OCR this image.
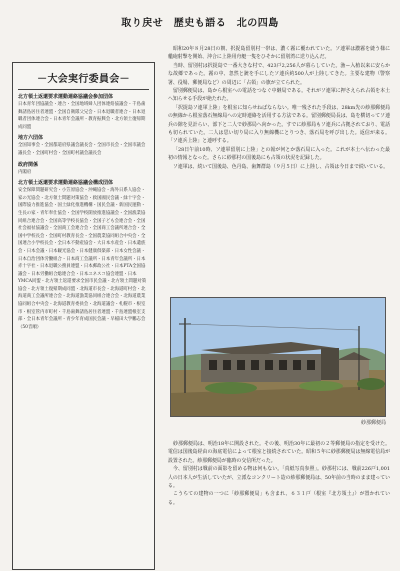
取り戻せ　歴史も語る　北の四島
－大会実行委員会－
北方領土返還要求運動連絡協議会参加団体
日本青年団協議会・連合・全国地域婦人団体連絡協議会・千島歯舞諸島居住者連盟・全国自衛隊父兄会・日本退職者連合・日本退職者団体連合会・日本青年会議所・教育振興会・北方領土復帰期成同盟
地方六団体
全国知事会・全国都道府県議会議長会・全国市長会・全国市議会議長会・全国町村会・全国町村議会議長会
政府関係
内閣府
北方領土返還要求運動連絡協議会構成団体
安全保障問題研究会・小笠原協会・沖縄協会・海外日系人協会・家の光協会・北方領土問題対策協会・救国國民会議・緑十字会・国際協力推進協会・国土緑化推進機構・国民会議・新国民運動・生長の家・青年奉仕協会・全国学校開放推進協議会・全国漁業協同組合連合会・全国高等学校長協会・全国子ども会連合会・全国社会福祉協議会・全国商工会連合会・全国商工会議所連合会・全国中学校長会・全国町村教育長会・全国農業協同組合中央会・全国連合小学校長会・全日本不動産協会・大日本水産会・日本遺族会・日本会議・日本観光協会・日本健康倶楽部・日本女性会議・日本自治団体労働組合・日本商工会議所・日本青年会議所・日本赤十字社・日本退職公務員連盟・日本郵政公社・日本PTA全国協議会・日本労働組合総連合会・日本ユネスコ協会連盟・日本YMCA同盟・北方領土返還要求全国市民会議・北方領土問題対策協会・北方領土復帰期成同盟・北海道市長会・北海道町村会・北海道商工会議所連合会・北海道漁業協同組合連合会・北海道農業協同組合中央会・北海道教育委員会・北海道議会・札幌市・根室市・根室管内市町村・千島歯舞諸島居住者連盟・千島連盟根室支部・全日本青年会議所・青少年育成国民会議・早稲田大学鵬志会（50音順）

昭和20年８月28日の朝、択捉島留別村一帯は、濃く霧に覆われていた。ソ連軍は濃霧を縫う様に艦砲射撃を開始、沖合に上陸用舟艇一隻をひそかに留別湾に送り込んだ。

当時、留別村は択捉島で一番大きな村で、423戸2,256人が暮らしていた。漁ー入植以来に安らかな故郷であった。霧の中、忽然と銃を手にしたソ連兵約500人が上陸してきた。主要な建物（警察署、役場、郵便局など）の周辺に「占領」の旗が立てられた。

留別郵便局は、島から根室への電話をつなぐ中継局である。それがソ連軍に押さえられ占領を本土へ知らせる手段が絶たれた。

「択捉島ソ連軍上陸」を根室に知らせねばならない。唯一残された手段は、28km先の紗那郵便局の無線から根室落石無線局への定時連絡を活用する方法である。留別郵便局長は、島を横切ってソ連兵の隙を見計らい、部下と二人で紗那局へ向かった。すでに紗那局もソ連兵に占拠されており、電話も切られていた。二人は思い切り局に入り無線機にとりつき、落石局を呼び出した。返信が来る。「ソ連兵上陸」と連呼する。

「28日午前10時、ソ連軍留別に上陸」との報が何とか落石局に入った。これが本土へ伝わった最初の情報となった。さらに紗那村の国後島にも占領の状況を記録した。

ソ連軍は、続いて国後島、色丹島、歯舞群島（９月５日）に上陸し、占領は今日まで続いている。

紗那郵便局

紗那郵便局は、明治18年に開設された。その後、明治30年に最初の２等郵便局の指定を受けた。電信は国後島経由の海底電信によって根室と接続されていた。昭和５年に紗那郵便局は無線電信局が設置された。紗那郵便局が臨時の交信所だった。

今、留別村は戦前の面影を留める物は何もない。「真紙写真参照」。紗那村には、戦前226戸1,001人の日本人が生活していたが、立派なコンクリート造の紗那郵便局は、50年前の当時のまま建っている。

こうちての建物の一つに「紗那郵便局」も含まれ、６３１戸（根室『北方領土』）が置かれている。
